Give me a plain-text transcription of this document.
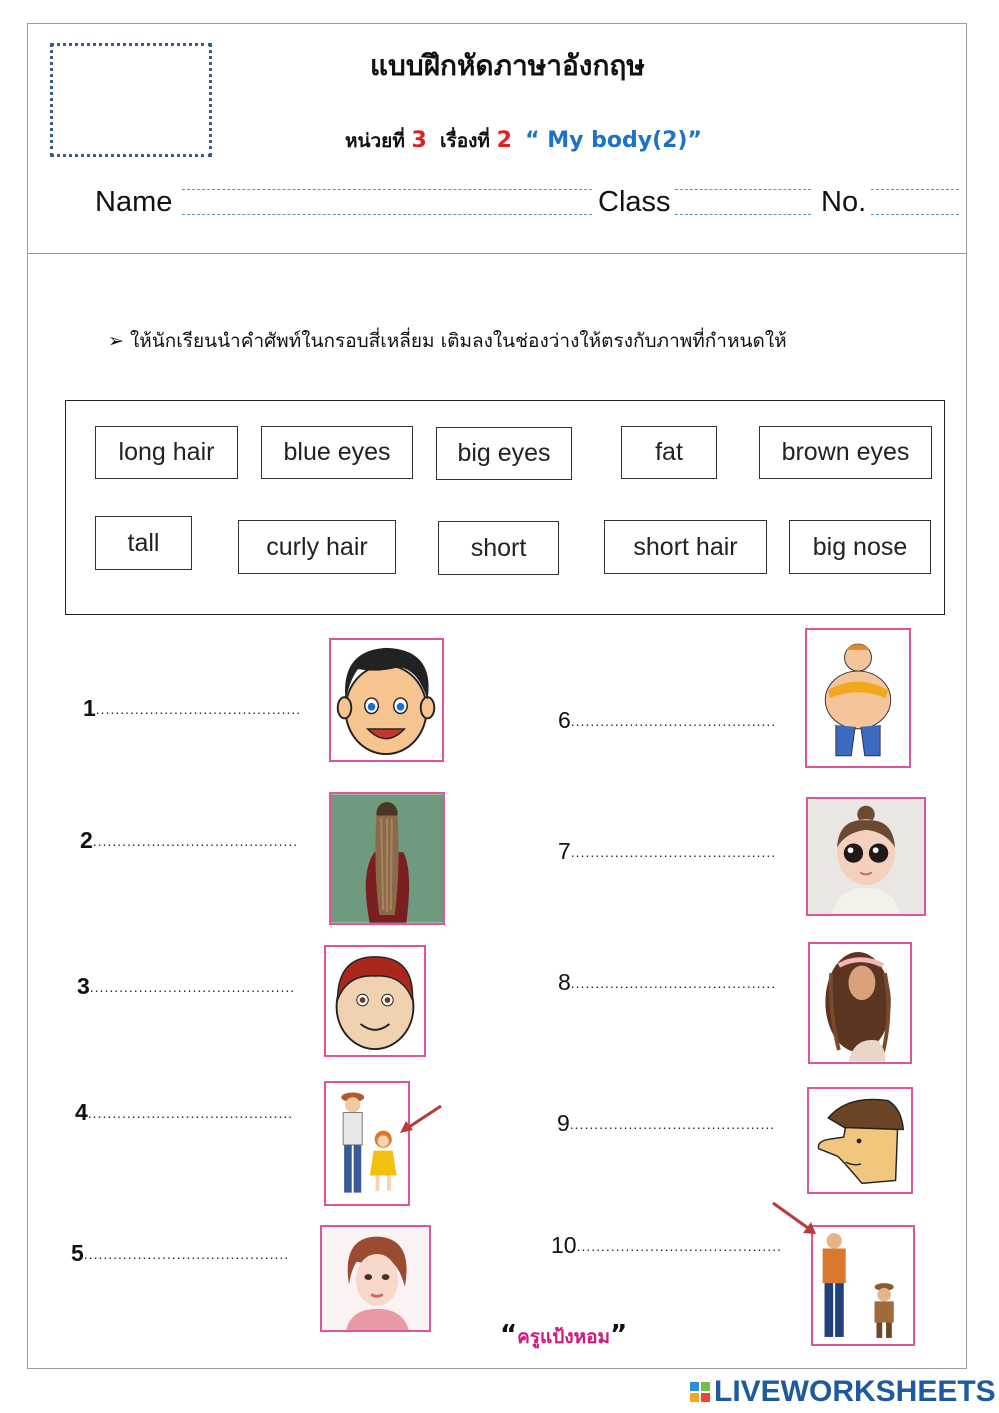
แบบฝึกหัดภาษาอังกฤษ
หน่วยที่ 3 เรื่องที่ 2 “ My body(2)”
Name	Class	No.
➢ ให้นักเรียนนำคำศัพท์ในกรอบสี่เหลี่ยม เติมลงในช่องว่างให้ตรงกับภาพที่กำหนดให้
long hair	blue eyes	big eyes	fat	brown eyes
tall	curly hair	short	short hair	big nose
1..........................................
2..........................................
3..........................................
4..........................................
5..........................................
6..........................................
7..........................................
8..........................................
9..........................................
10..........................................
“ครูแป้งหอม”
LIVEWORKSHEETS
